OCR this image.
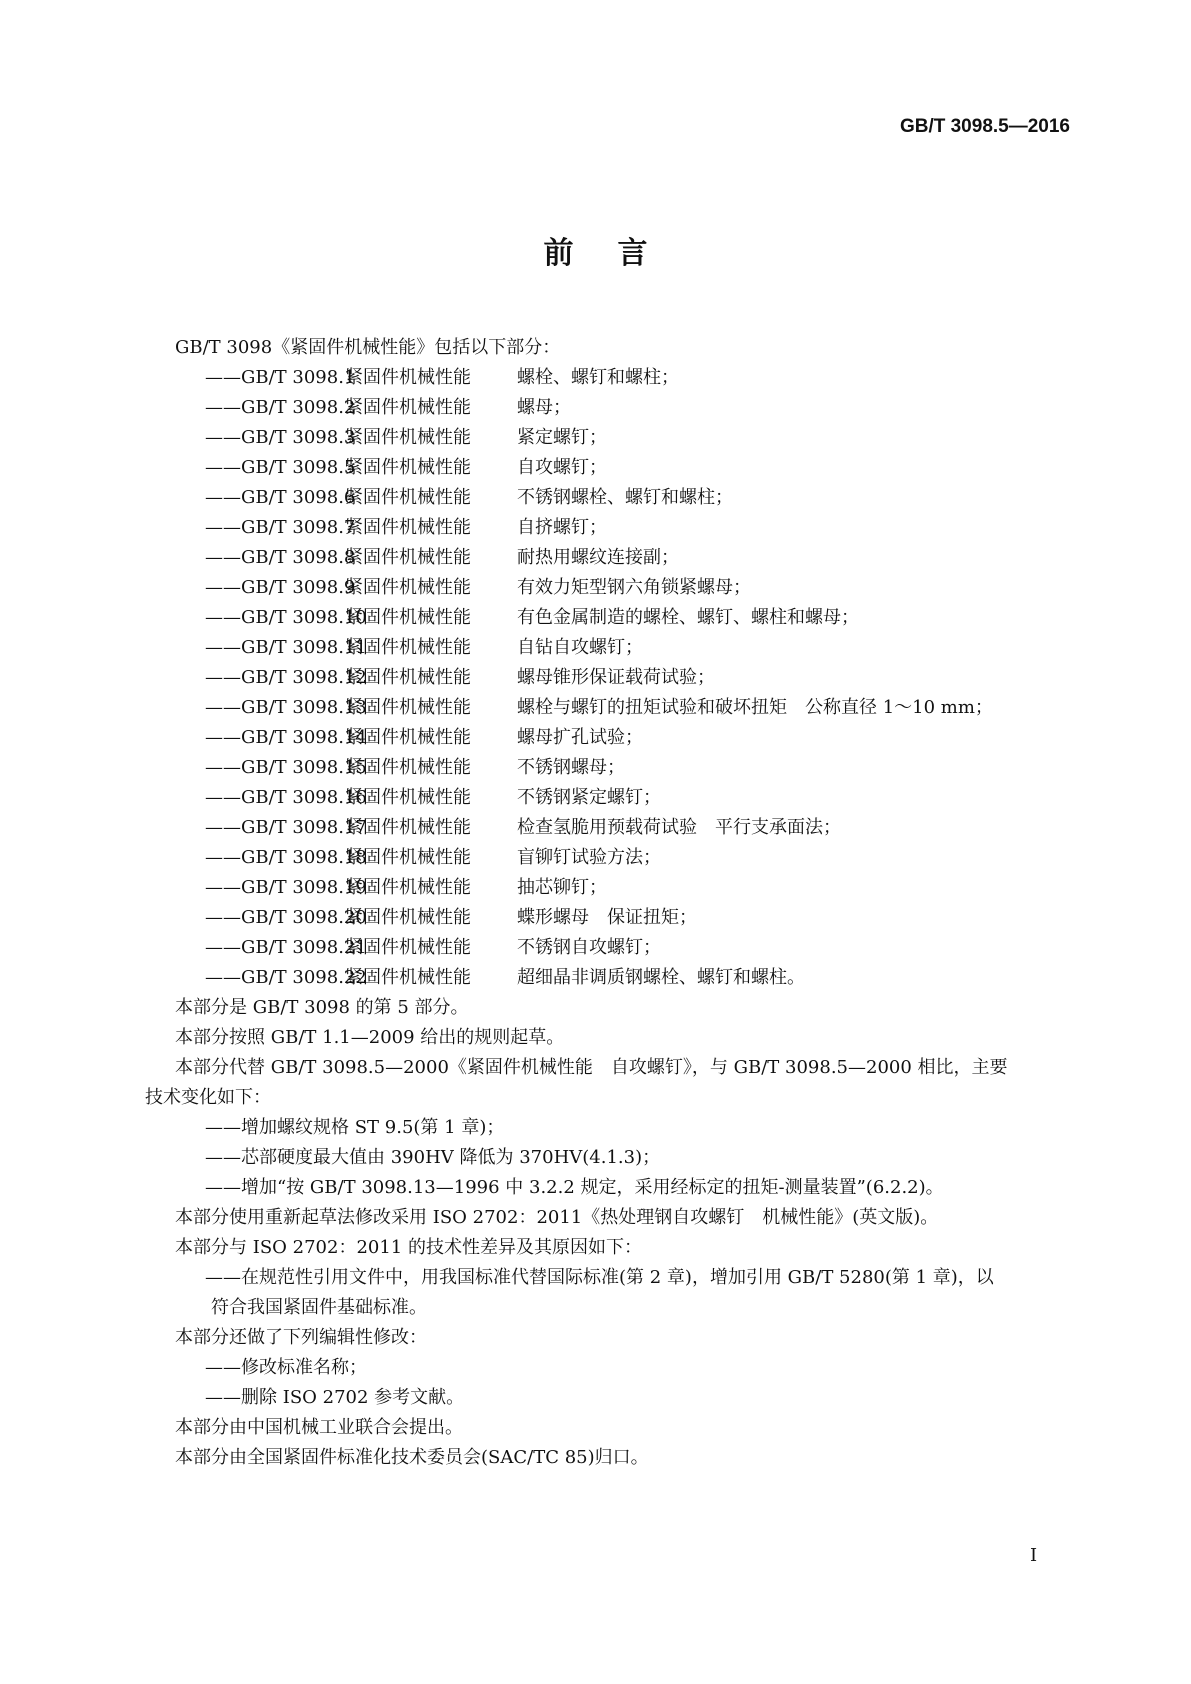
GB/T 3098.5—2016
前言
GB/T 3098《紧固件机械性能》包括以下部分：
——GB/T 3098.1紧固件机械性能	螺栓、螺钉和螺柱；
——GB/T 3098.2紧固件机械性能	螺母；
——GB/T 3098.3紧固件机械性能	紧定螺钉；
——GB/T 3098.5紧固件机械性能	自攻螺钉；
——GB/T 3098.6紧固件机械性能	不锈钢螺栓、螺钉和螺柱；
——GB/T 3098.7紧固件机械性能	自挤螺钉；
——GB/T 3098.8紧固件机械性能	耐热用螺纹连接副；
——GB/T 3098.9紧固件机械性能	有效力矩型钢六角锁紧螺母；
——GB/T 3098.10紧固件机械性能	有色金属制造的螺栓、螺钉、螺柱和螺母；
——GB/T 3098.11紧固件机械性能	自钻自攻螺钉；
——GB/T 3098.12紧固件机械性能	螺母锥形保证载荷试验；
——GB/T 3098.13紧固件机械性能	螺栓与螺钉的扭矩试验和破坏扭矩　公称直径 1～10 mm；
——GB/T 3098.14紧固件机械性能	螺母扩孔试验；
——GB/T 3098.15紧固件机械性能	不锈钢螺母；
——GB/T 3098.16紧固件机械性能	不锈钢紧定螺钉；
——GB/T 3098.17紧固件机械性能	检查氢脆用预载荷试验　平行支承面法；
——GB/T 3098.18紧固件机械性能	盲铆钉试验方法；
——GB/T 3098.19紧固件机械性能	抽芯铆钉；
——GB/T 3098.20紧固件机械性能	蝶形螺母　保证扭矩；
——GB/T 3098.21紧固件机械性能	不锈钢自攻螺钉；
——GB/T 3098.22紧固件机械性能	超细晶非调质钢螺栓、螺钉和螺柱。
本部分是 GB/T 3098 的第 5 部分。
本部分按照 GB/T 1.1—2009 给出的规则起草。
本部分代替 GB/T 3098.5—2000《紧固件机械性能　自攻螺钉》，与 GB/T 3098.5—2000 相比，主要
技术变化如下：
——增加螺纹规格 ST 9.5(第 1 章)；
——芯部硬度最大值由 390HV 降低为 370HV(4.1.3)；
——增加“按 GB/T 3098.13—1996 中 3.2.2 规定，采用经标定的扭矩-测量装置”(6.2.2)。
本部分使用重新起草法修改采用 ISO 2702：2011《热处理钢自攻螺钉　机械性能》(英文版)。
本部分与 ISO 2702：2011 的技术性差异及其原因如下：
——在规范性引用文件中，用我国标准代替国际标准(第 2 章)，增加引用 GB/T 5280(第 1 章)，以
符合我国紧固件基础标准。
本部分还做了下列编辑性修改：
——修改标准名称；
——删除 ISO 2702 参考文献。
本部分由中国机械工业联合会提出。
本部分由全国紧固件标准化技术委员会(SAC/TC 85)归口。
I
